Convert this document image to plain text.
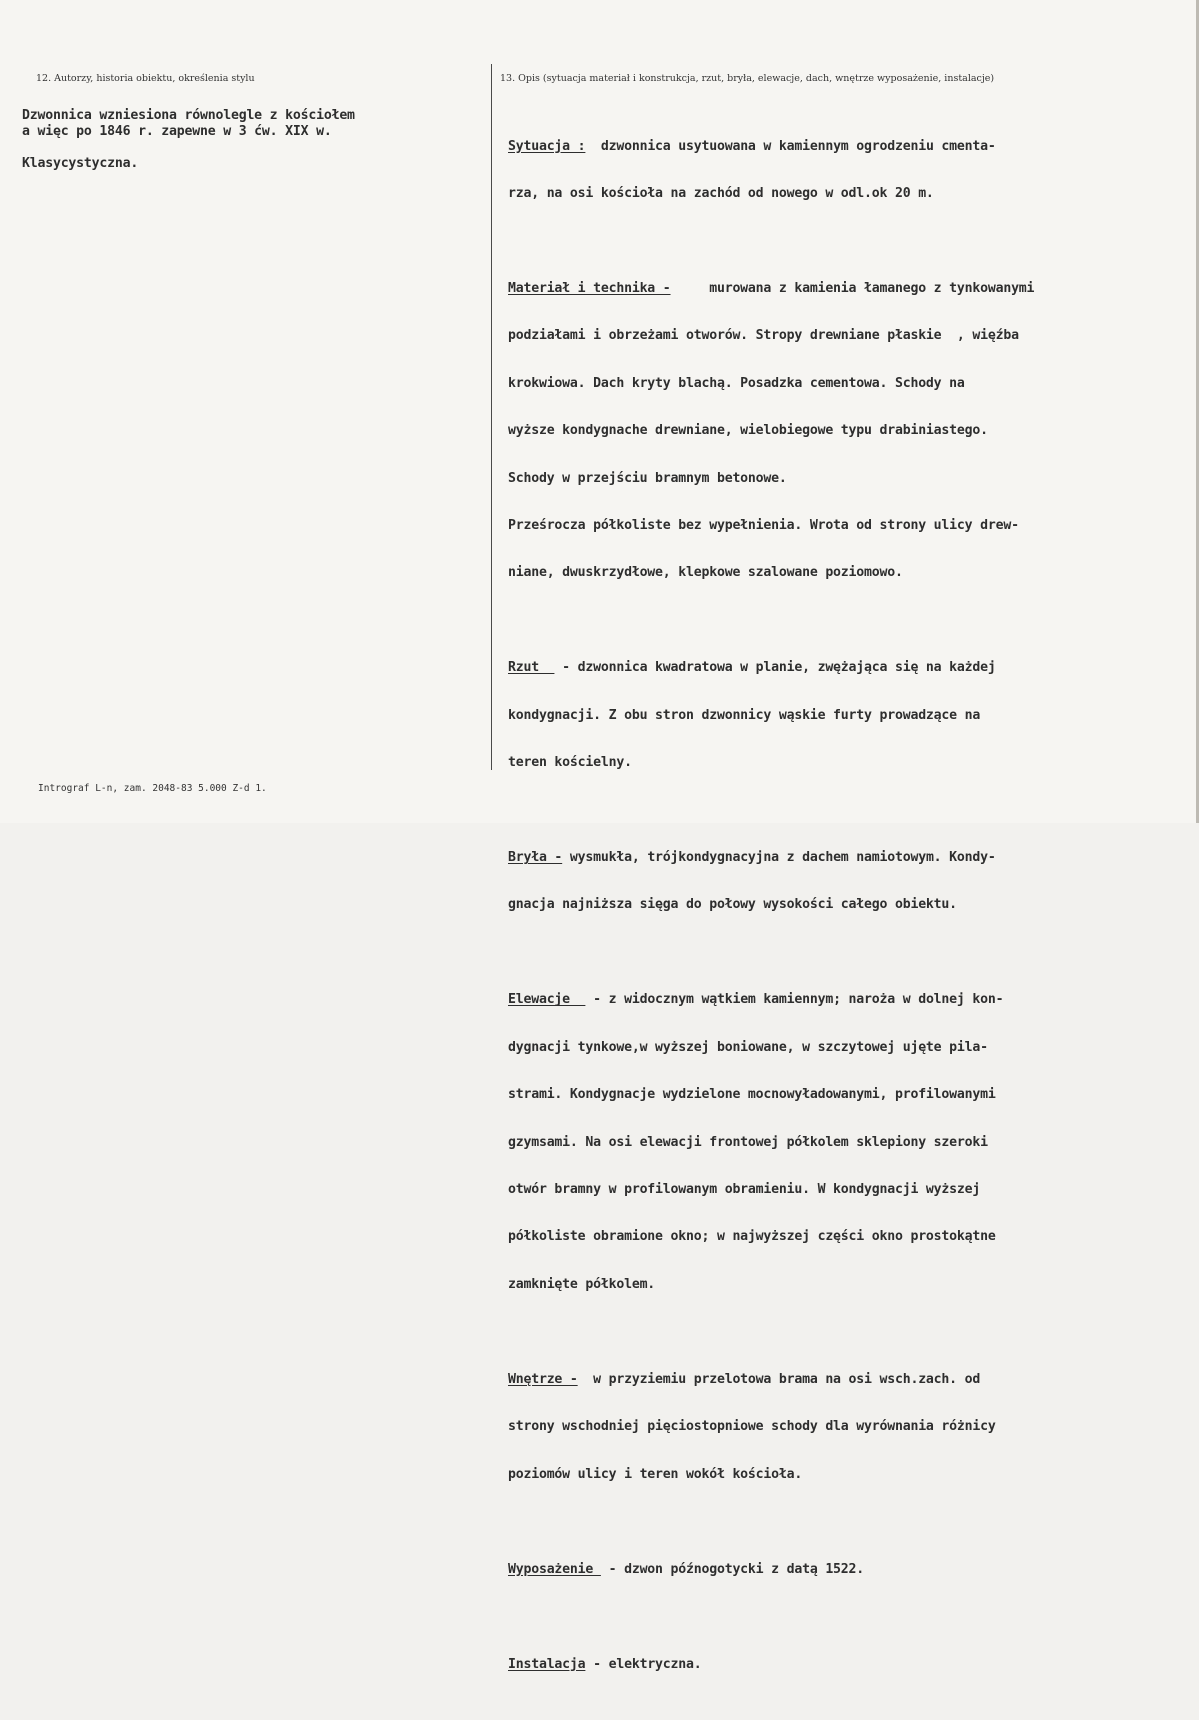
12. Autorzy, historia obiektu, określenia stylu	13. Opis (sytuacja materiał i konstrukcja, rzut, bryła, elewacje, dach, wnętrze wyposażenie, instalacje)

Dzwonnica wzniesiona równolegle z kościołem
a więc po 1846 r. zapewne w 3 ćw. XIX w.

Klasycystyczna.

Sytuacja :  dzwonnica usytuowana w kamiennym ogrodzeniu cmenta-

rza, na osi kościoła na zachód od nowego w odl.ok 20 m.

Materiał i technika -     murowana z kamienia łamanego z tynkowanymi

podziałami i obrzeżami otworów. Stropy drewniane płaskie  , więźba

krokwiowa. Dach kryty blachą. Posadzka cementowa. Schody na

wyższe kondygnache drewniane, wielobiegowe typu drabiniastego.

Schody w przejściu bramnym betonowe.

Prześrocza półkoliste bez wypełnienia. Wrota od strony ulicy drew-

niane, dwuskrzydłowe, klepkowe szalowane poziomowo.

Rzut   - dzwonnica kwadratowa w planie, zwężająca się na każdej

kondygnacji. Z obu stron dzwonnicy wąskie furty prowadzące na

teren kościelny.

Bryła - wysmukła, trójkondygnacyjna z dachem namiotowym. Kondy-

gnacja najniższa sięga do połowy wysokości całego obiektu.

Elewacje   - z widocznym wątkiem kamiennym; naroża w dolnej kon-

dygnacji tynkowe,w wyższej boniowane, w szczytowej ujęte pila-

strami. Kondygnacje wydzielone mocnowyładowanymi, profilowanymi

gzymsami. Na osi elewacji frontowej półkolem sklepiony szeroki

otwór bramny w profilowanym obramieniu. W kondygnacji wyższej

półkoliste obramione okno; w najwyższej części okno prostokątne

zamknięte półkolem.

Wnętrze -  w przyziemiu przelotowa brama na osi wsch.zach. od

strony wschodniej pięciostopniowe schody dla wyrównania różnicy

poziomów ulicy i teren wokół kościoła.

Wyposażenie  - dzwon późnogotycki z datą 1522.

Instalacja - elektryczna.

Intrograf L-n, zam. 2048-83 5.000 Z-d 1.
